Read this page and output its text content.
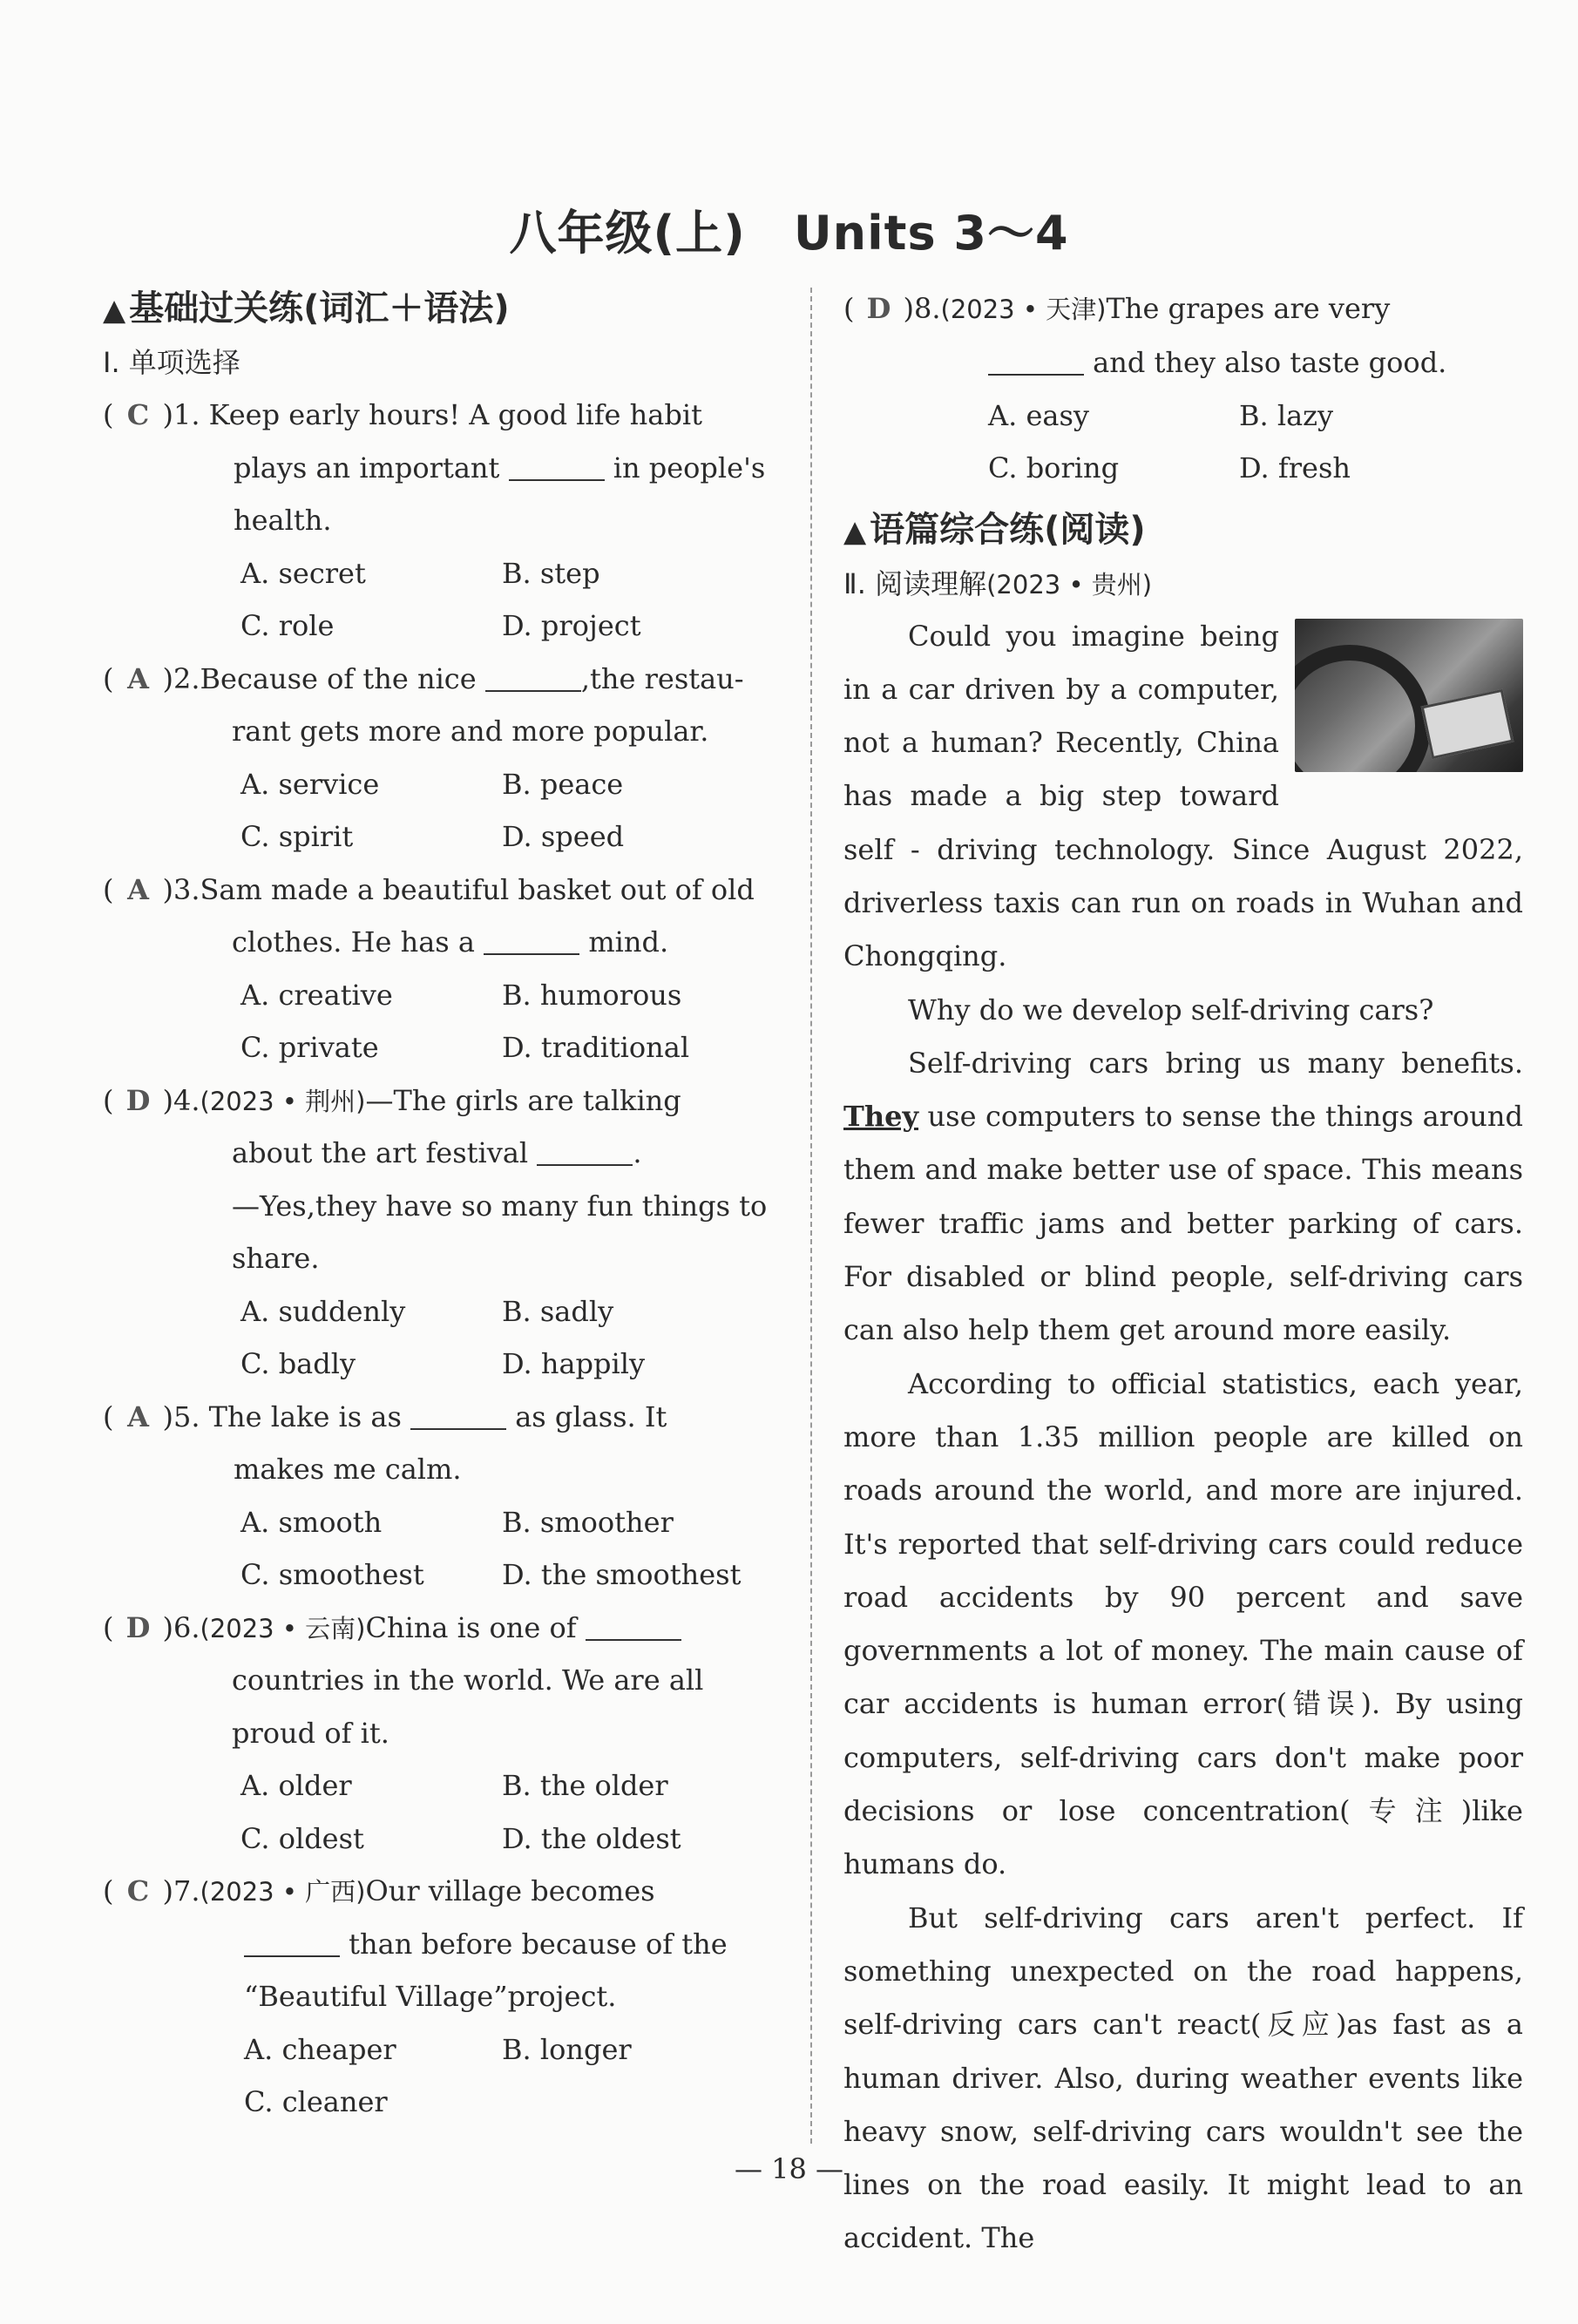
八年级(上)　Units 3～4
▲ 基础过关练(词汇＋语法)
Ⅰ. 单项选择
( C )1. Keep early hours! A good life habit
plays an important	in people's
health.
A. secret	B. step
C. role	D. project
( A )2.Because of the nice	,the restau-
rant gets more and more popular.
A. service	B. peace
C. spirit	D. speed
( A )3.Sam made a beautiful basket out of old
clothes. He has a	mind.
A. creative	B. humorous
C. private	D. traditional
( D )4.(2023 • 荆州)—The girls are talking
about the art festival	.
—Yes,they have so many fun things to
share.
A. suddenly	B. sadly
C. badly	D. happily
( A )5. The lake is as	as glass. It
makes me calm.
A. smooth	B. smoother
C. smoothest	D. the smoothest
( D )6.(2023 • 云南)China is one of
countries in the world. We are all
proud of it.
A. older	B. the older
C. oldest	D. the oldest
( C )7.(2023 • 广西)Our village becomes
than before because of the
“Beautiful Village”project.
A. cheaper	B. longer
C. cleaner
( D )8.(2023 • 天津)The grapes are very
and they also taste good.
A. easy	B. lazy
C. boring	D. fresh
▲ 语篇综合练(阅读)
Ⅱ. 阅读理解(2023 • 贵州)

Could you imagine being in a car driven by a computer, not a human? Recently, China has made a big step toward self - driving technology. Since August 2022, driverless taxis can run on roads in Wuhan and Chongqing.

Why do we develop self-driving cars?

Self-driving cars bring us many benefits. They use computers to sense the things around them and make better use of space. This means fewer traffic jams and better parking of cars. For disabled or blind people, self-driving cars can also help them get around more easily.

According to official statistics, each year, more than 1.35 million people are killed on roads around the world, and more are injured. It's reported that self-driving cars could reduce road accidents by 90 percent and save governments a lot of money. The main cause of car accidents is human error(错误). By using computers, self-driving cars don't make poor decisions or lose concentration(专注)like humans do.

But self-driving cars aren't perfect. If something unexpected on the road happens, self-driving cars can't react(反应)as fast as a human driver. Also, during weather events like heavy snow, self-driving cars wouldn't see the lines on the road easily. It might lead to an accident. The

— 18 —
